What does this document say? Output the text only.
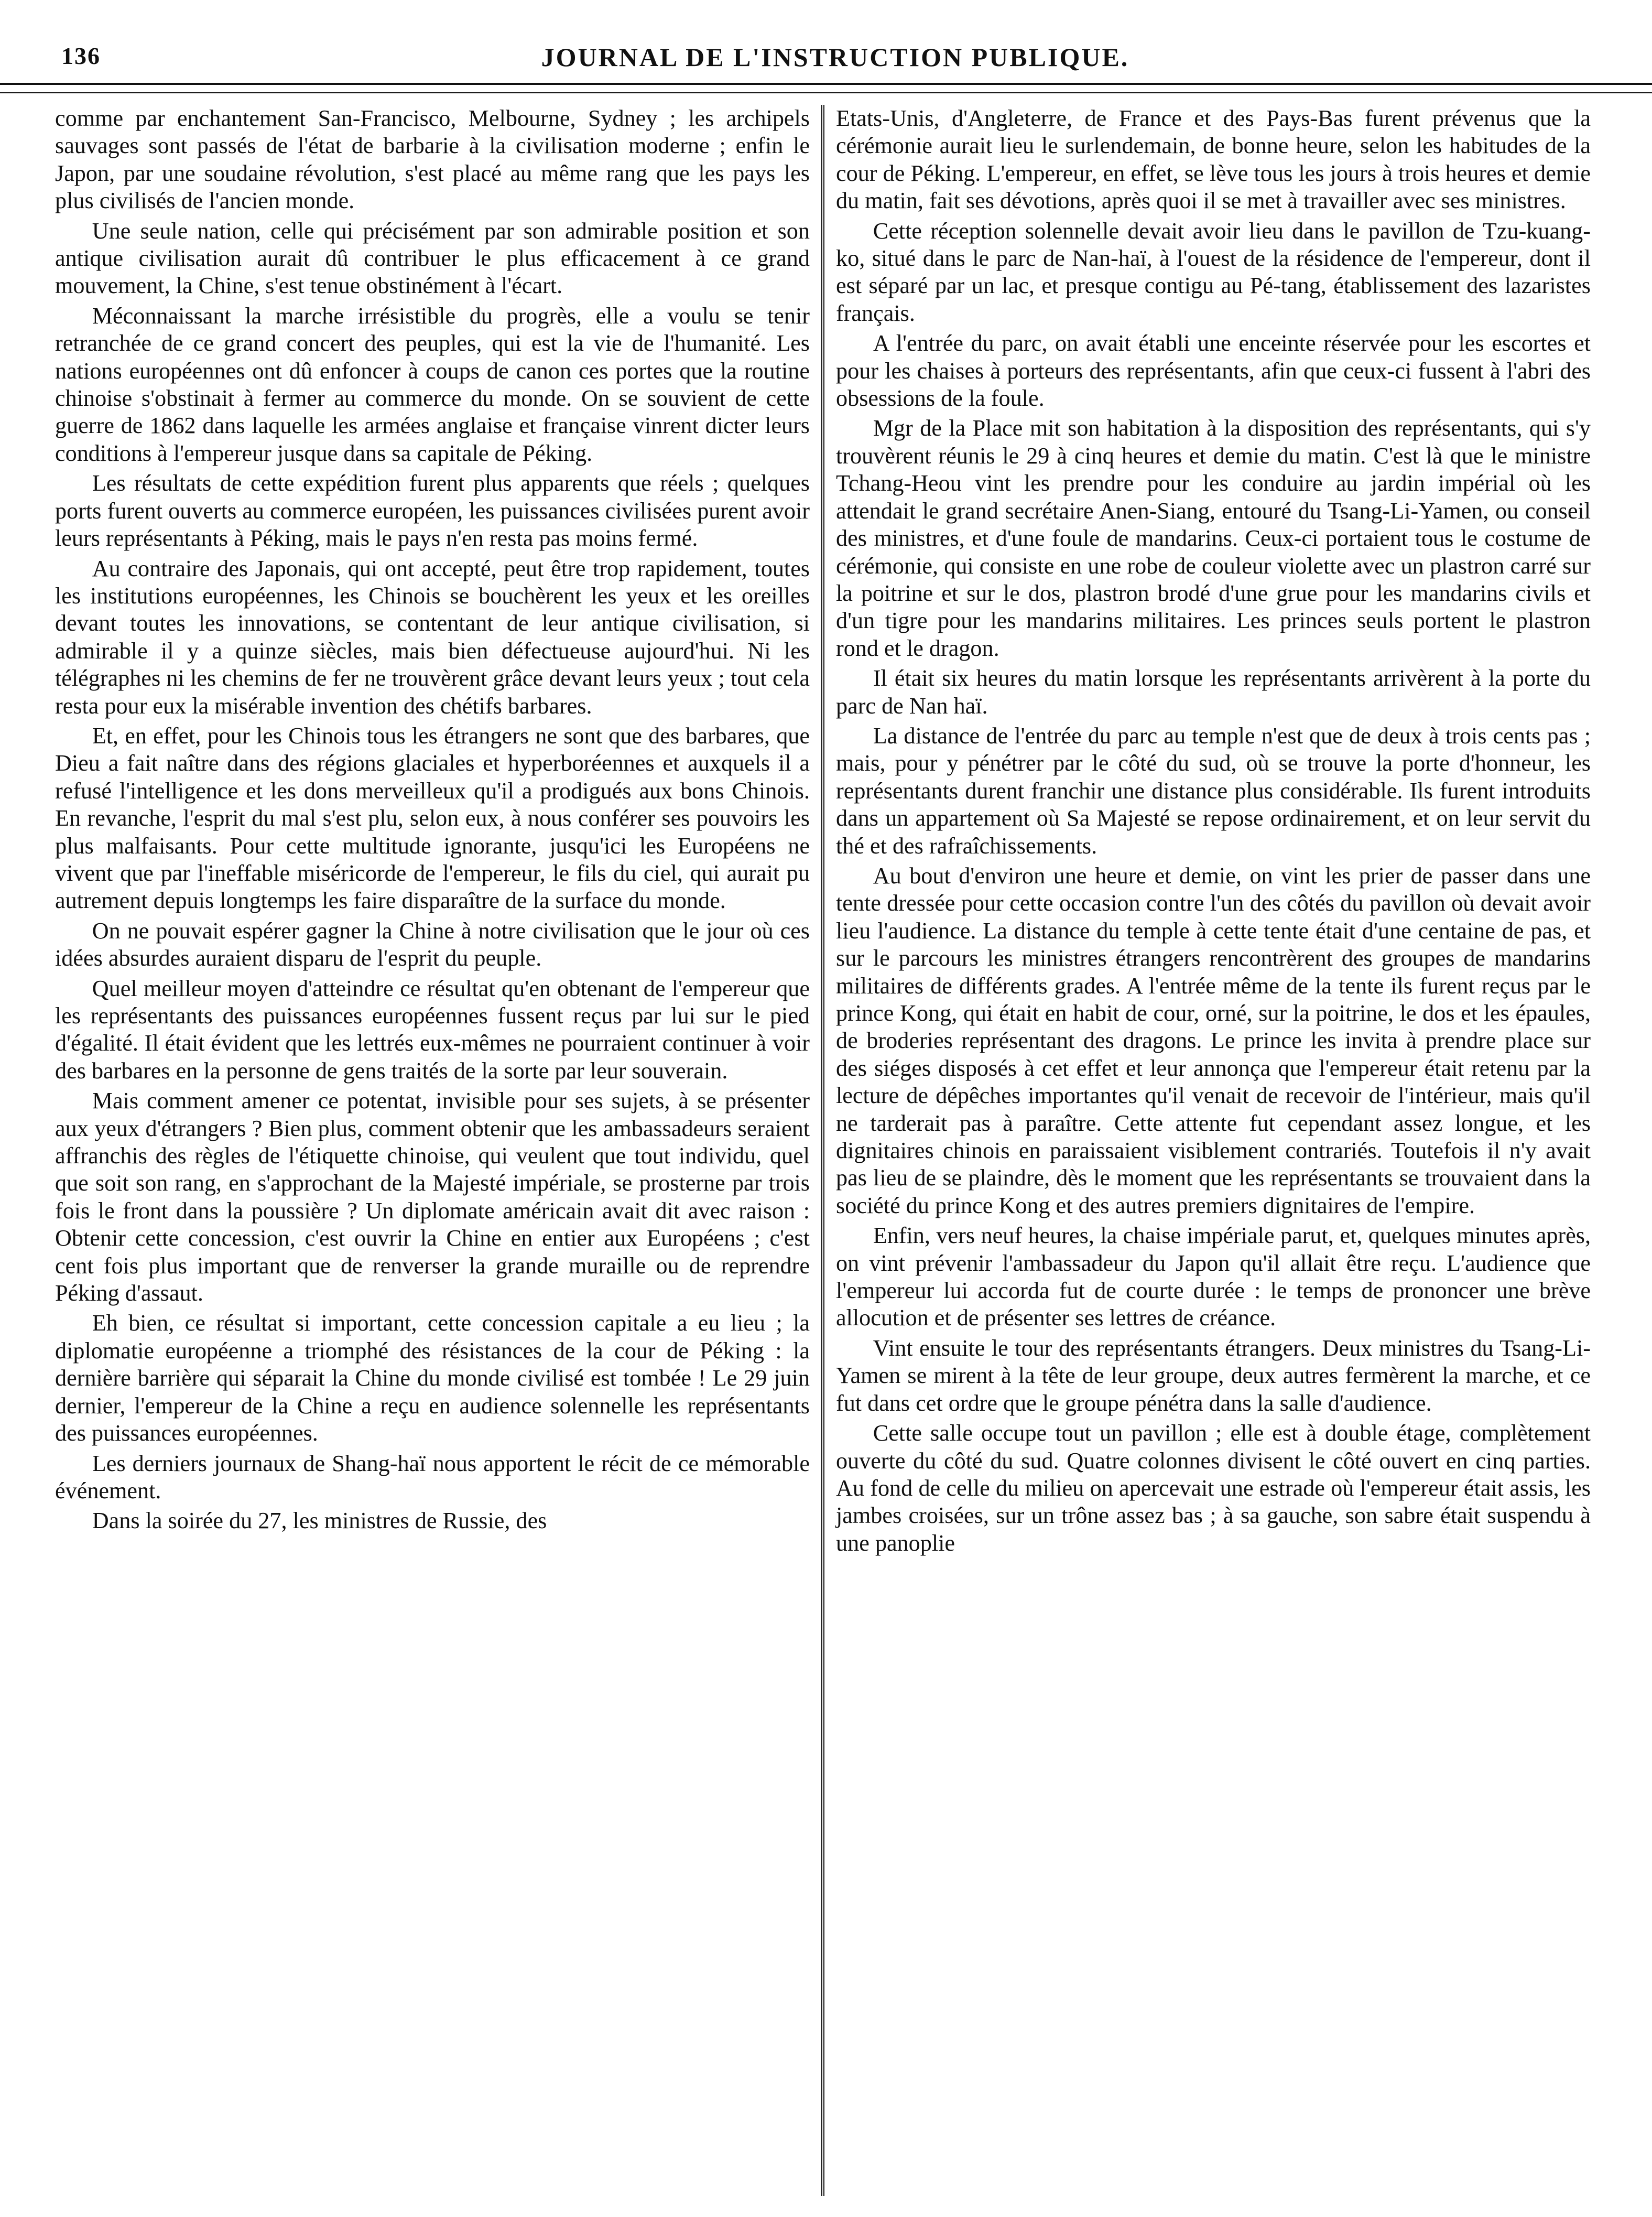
136	JOURNAL DE L'INSTRUCTION PUBLIQUE.

comme par enchantement San-Francisco, Melbourne, Sydney ; les archipels sauvages sont passés de l'état de barbarie à la civilisation moderne ; enfin le Japon, par une soudaine révolution, s'est placé au même rang que les pays les plus civilisés de l'ancien monde.

Une seule nation, celle qui précisément par son admirable position et son antique civilisation aurait dû contribuer le plus efficacement à ce grand mouvement, la Chine, s'est tenue obstinément à l'écart.

Méconnaissant la marche irrésistible du progrès, elle a voulu se tenir retranchée de ce grand concert des peuples, qui est la vie de l'humanité. Les nations européennes ont dû enfoncer à coups de canon ces portes que la routine chinoise s'obstinait à fermer au commerce du monde. On se souvient de cette guerre de 1862 dans laquelle les armées anglaise et française vinrent dicter leurs conditions à l'empereur jusque dans sa capitale de Péking.

Les résultats de cette expédition furent plus apparents que réels ; quelques ports furent ouverts au commerce européen, les puissances civilisées purent avoir leurs représentants à Péking, mais le pays n'en resta pas moins fermé.

Au contraire des Japonais, qui ont accepté, peut être trop rapidement, toutes les institutions européennes, les Chinois se bouchèrent les yeux et les oreilles devant toutes les innovations, se contentant de leur antique civilisation, si admirable il y a quinze siècles, mais bien défectueuse aujourd'hui. Ni les télégraphes ni les chemins de fer ne trouvèrent grâce devant leurs yeux ; tout cela resta pour eux la misérable invention des chétifs barbares.

Et, en effet, pour les Chinois tous les étrangers ne sont que des barbares, que Dieu a fait naître dans des régions glaciales et hyperboréennes et auxquels il a refusé l'intelligence et les dons merveilleux qu'il a prodigués aux bons Chinois. En revanche, l'esprit du mal s'est plu, selon eux, à nous conférer ses pouvoirs les plus malfaisants. Pour cette multitude ignorante, jusqu'ici les Européens ne vivent que par l'ineffable miséricorde de l'empereur, le fils du ciel, qui aurait pu autrement depuis longtemps les faire disparaître de la surface du monde.

On ne pouvait espérer gagner la Chine à notre civilisation que le jour où ces idées absurdes auraient disparu de l'esprit du peuple.

Quel meilleur moyen d'atteindre ce résultat qu'en obtenant de l'empereur que les représentants des puissances européennes fussent reçus par lui sur le pied d'égalité. Il était évident que les lettrés eux-mêmes ne pourraient continuer à voir des barbares en la personne de gens traités de la sorte par leur souverain.

Mais comment amener ce potentat, invisible pour ses sujets, à se présenter aux yeux d'étrangers ? Bien plus, comment obtenir que les ambassadeurs seraient affranchis des règles de l'étiquette chinoise, qui veulent que tout individu, quel que soit son rang, en s'approchant de la Majesté impériale, se prosterne par trois fois le front dans la poussière ? Un diplomate américain avait dit avec raison : Obtenir cette concession, c'est ouvrir la Chine en entier aux Européens ; c'est cent fois plus important que de renverser la grande muraille ou de reprendre Péking d'assaut.

Eh bien, ce résultat si important, cette concession capitale a eu lieu ; la diplomatie européenne a triomphé des résistances de la cour de Péking : la dernière barrière qui séparait la Chine du monde civilisé est tombée ! Le 29 juin dernier, l'empereur de la Chine a reçu en audience solennelle les représentants des puissances européennes.

Les derniers journaux de Shang-haï nous apportent le récit de ce mémorable événement.

Dans la soirée du 27, les ministres de Russie, des

Etats-Unis, d'Angleterre, de France et des Pays-Bas furent prévenus que la cérémonie aurait lieu le surlendemain, de bonne heure, selon les habitudes de la cour de Péking. L'empereur, en effet, se lève tous les jours à trois heures et demie du matin, fait ses dévotions, après quoi il se met à travailler avec ses ministres.

Cette réception solennelle devait avoir lieu dans le pavillon de Tzu-kuang-ko, situé dans le parc de Nan-haï, à l'ouest de la résidence de l'empereur, dont il est séparé par un lac, et presque contigu au Pé-tang, établissement des lazaristes français.

A l'entrée du parc, on avait établi une enceinte réservée pour les escortes et pour les chaises à porteurs des représentants, afin que ceux-ci fussent à l'abri des obsessions de la foule.

Mgr de la Place mit son habitation à la disposition des représentants, qui s'y trouvèrent réunis le 29 à cinq heures et demie du matin. C'est là que le ministre Tchang-Heou vint les prendre pour les conduire au jardin impérial où les attendait le grand secrétaire Anen-Siang, entouré du Tsang-Li-Yamen, ou conseil des ministres, et d'une foule de mandarins. Ceux-ci portaient tous le costume de cérémonie, qui consiste en une robe de couleur violette avec un plastron carré sur la poitrine et sur le dos, plastron brodé d'une grue pour les mandarins civils et d'un tigre pour les mandarins militaires. Les princes seuls portent le plastron rond et le dragon.

Il était six heures du matin lorsque les représentants arrivèrent à la porte du parc de Nan haï.

La distance de l'entrée du parc au temple n'est que de deux à trois cents pas ; mais, pour y pénétrer par le côté du sud, où se trouve la porte d'honneur, les représentants durent franchir une distance plus considérable. Ils furent introduits dans un appartement où Sa Majesté se repose ordinairement, et on leur servit du thé et des rafraîchissements.

Au bout d'environ une heure et demie, on vint les prier de passer dans une tente dressée pour cette occasion contre l'un des côtés du pavillon où devait avoir lieu l'audience. La distance du temple à cette tente était d'une centaine de pas, et sur le parcours les ministres étrangers rencontrèrent des groupes de mandarins militaires de différents grades. A l'entrée même de la tente ils furent reçus par le prince Kong, qui était en habit de cour, orné, sur la poitrine, le dos et les épaules, de broderies représentant des dragons. Le prince les invita à prendre place sur des siéges disposés à cet effet et leur annonça que l'empereur était retenu par la lecture de dépêches importantes qu'il venait de recevoir de l'intérieur, mais qu'il ne tarderait pas à paraître. Cette attente fut cependant assez longue, et les dignitaires chinois en paraissaient visiblement contrariés. Toutefois il n'y avait pas lieu de se plaindre, dès le moment que les représentants se trouvaient dans la société du prince Kong et des autres premiers dignitaires de l'empire.

Enfin, vers neuf heures, la chaise impériale parut, et, quelques minutes après, on vint prévenir l'ambassadeur du Japon qu'il allait être reçu. L'audience que l'empereur lui accorda fut de courte durée : le temps de prononcer une brève allocution et de présenter ses lettres de créance.

Vint ensuite le tour des représentants étrangers. Deux ministres du Tsang-Li-Yamen se mirent à la tête de leur groupe, deux autres fermèrent la marche, et ce fut dans cet ordre que le groupe pénétra dans la salle d'audience.

Cette salle occupe tout un pavillon ; elle est à double étage, complètement ouverte du côté du sud. Quatre colonnes divisent le côté ouvert en cinq parties. Au fond de celle du milieu on apercevait une estrade où l'empereur était assis, les jambes croisées, sur un trône assez bas ; à sa gauche, son sabre était suspendu à une panoplie
